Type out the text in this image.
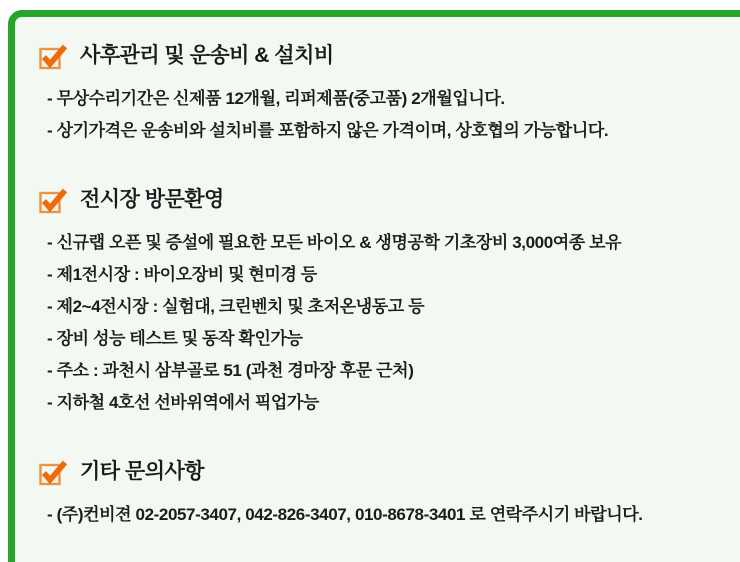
사후관리 및 운송비 & 설치비

- 무상수리기간은 신제품 12개월, 리퍼제품(중고품) 2개월입니다.

- 상기가격은 운송비와 설치비를 포함하지 않은 가격이며, 상호협의 가능합니다.

전시장 방문환영

- 신규랩 오픈 및 증설에 필요한 모든 바이오 & 생명공학 기초장비 3,000여종 보유

- 제1전시장 : 바이오장비 및 현미경 등

- 제2~4전시장 : 실험대, 크린벤치 및 초저온냉동고 등

- 장비 성능 테스트 및 동작 확인가능

- 주소 : 과천시 삼부골로 51 (과천 경마장 후문 근처)

- 지하철 4호선 선바위역에서 픽업가능

기타 문의사항

- (주)컨비젼 02-2057-3407, 042-826-3407, 010-8678-3401 로 연락주시기 바랍니다.
